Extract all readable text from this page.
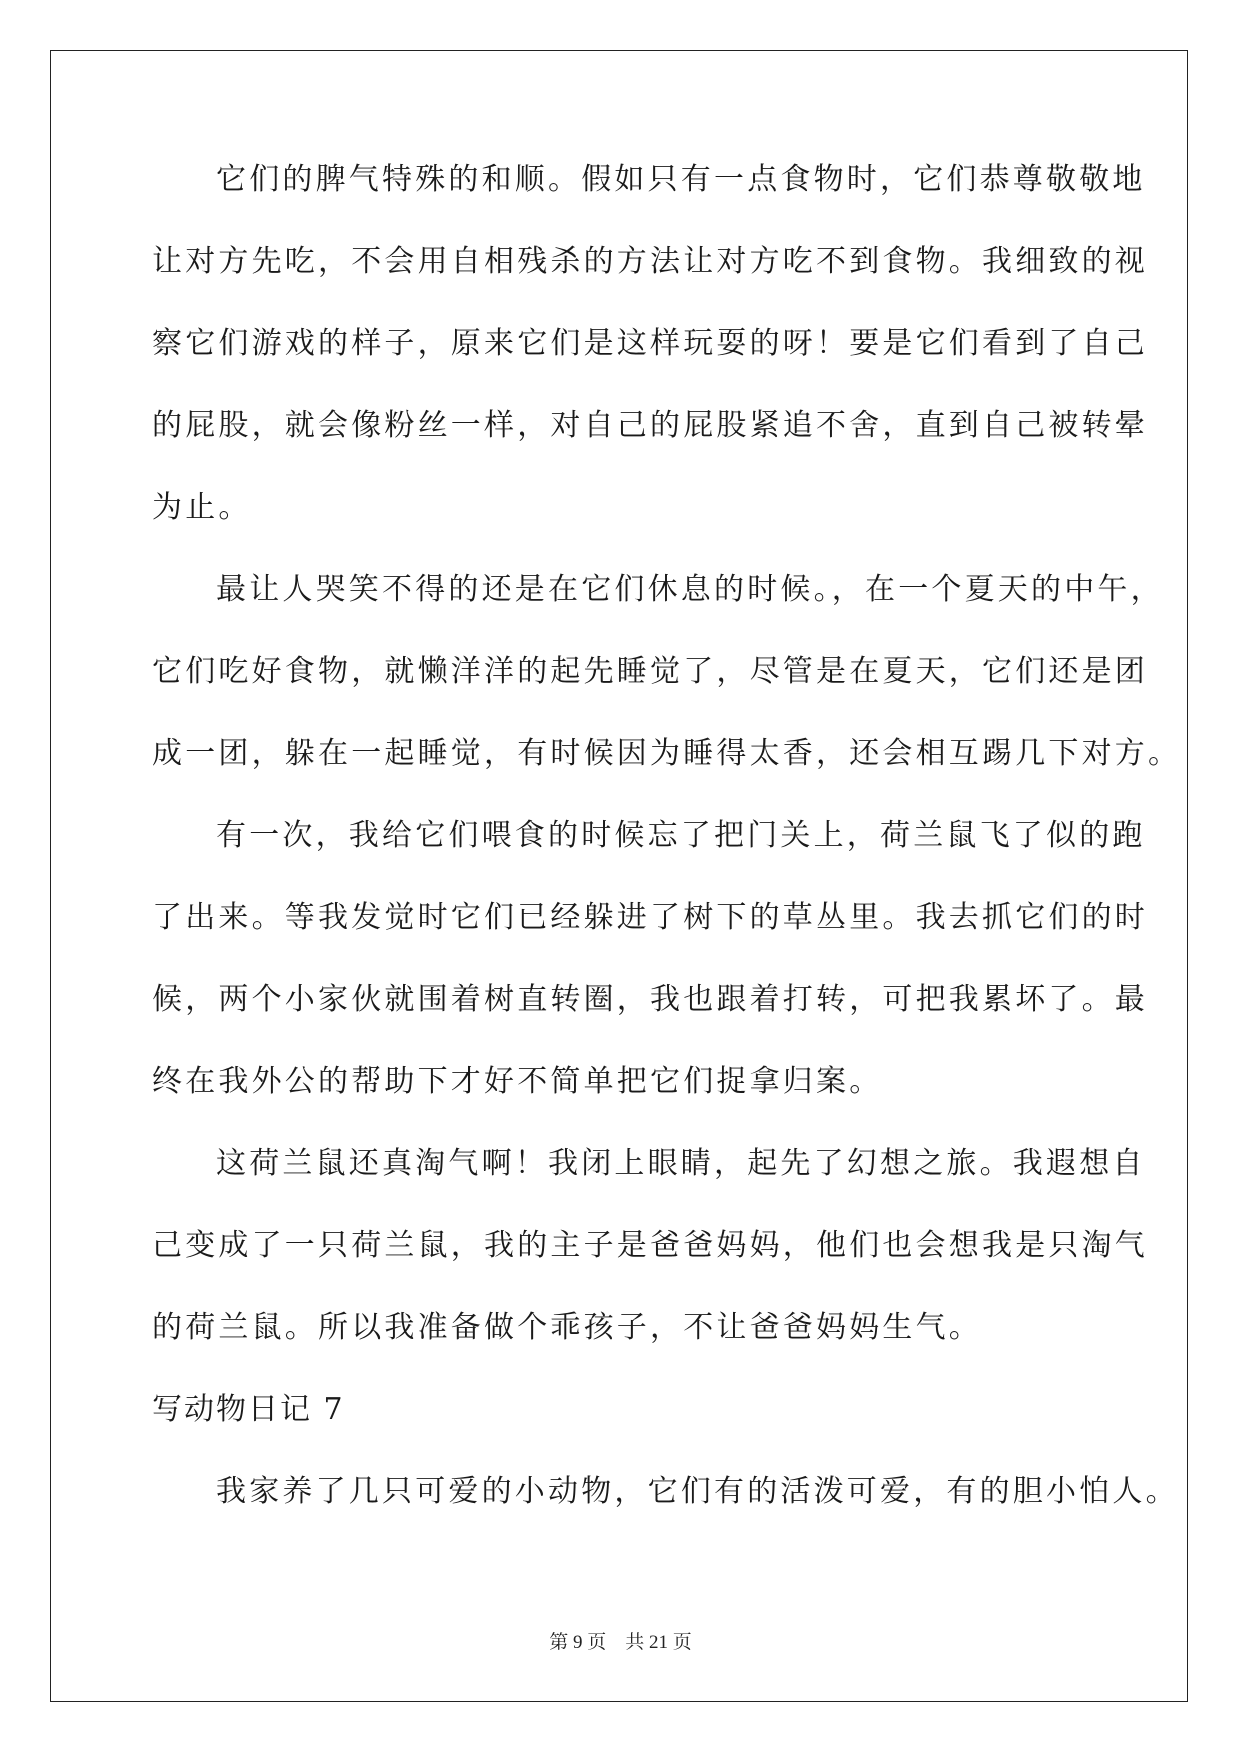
它们的脾气特殊的和顺。假如只有一点食物时，它们恭尊敬敬地
让对方先吃，不会用自相残杀的方法让对方吃不到食物。我细致的视
察它们游戏的样子，原来它们是这样玩耍的呀！要是它们看到了自己
的屁股，就会像粉丝一样，对自己的屁股紧追不舍，直到自己被转晕
为止。
最让人哭笑不得的还是在它们休息的时候。，在一个夏天的中午，
它们吃好食物，就懒洋洋的起先睡觉了，尽管是在夏天，它们还是团
成一团，躲在一起睡觉，有时候因为睡得太香，还会相互踢几下对方。
有一次，我给它们喂食的时候忘了把门关上，荷兰鼠飞了似的跑
了出来。等我发觉时它们已经躲进了树下的草丛里。我去抓它们的时
候，两个小家伙就围着树直转圈，我也跟着打转，可把我累坏了。最
终在我外公的帮助下才好不简单把它们捉拿归案。
这荷兰鼠还真淘气啊！我闭上眼睛，起先了幻想之旅。我遐想自
己变成了一只荷兰鼠，我的主子是爸爸妈妈，他们也会想我是只淘气
的荷兰鼠。所以我准备做个乖孩子，不让爸爸妈妈生气。
写动物日记 7
我家养了几只可爱的小动物，它们有的活泼可爱，有的胆小怕人。
第 9 页    共 21 页
